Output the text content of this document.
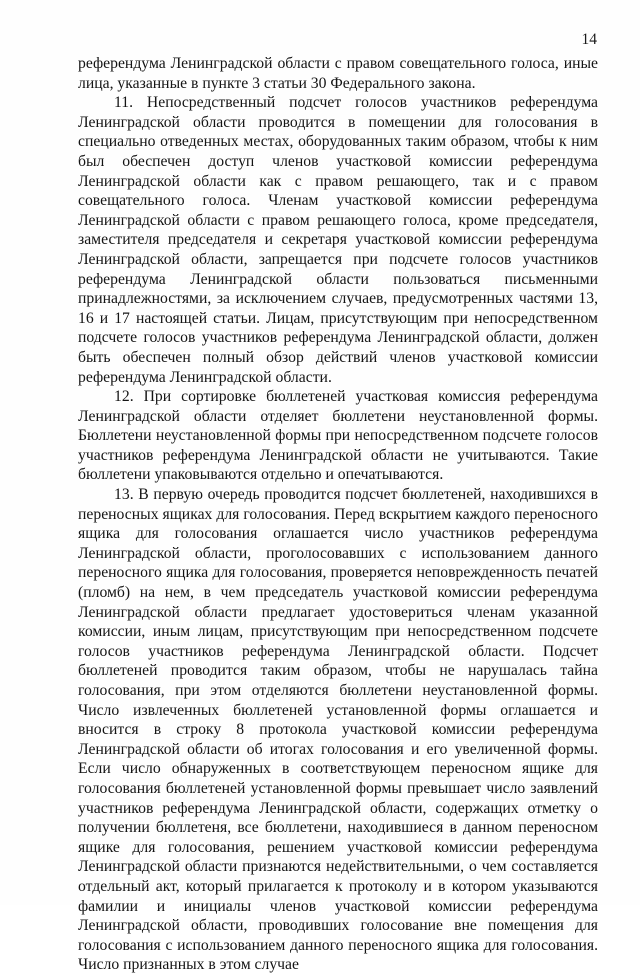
14

референдума Ленинградской области с правом совещательного голоса, иные лица, указанные в пункте 3 статьи 30 Федерального закона.

11. Непосредственный подсчет голосов участников референдума Ленинградской области проводится в помещении для голосования в специально отведенных местах, оборудованных таким образом, чтобы к ним был обеспечен доступ членов участковой комиссии референдума Ленинградской области как с правом решающего, так и с правом совещательного голоса. Членам участковой комиссии референдума Ленинградской области с правом решающего голоса, кроме председателя, заместителя председателя и секретаря участковой комиссии референдума Ленинградской области, запрещается при подсчете голосов участников референдума Ленинградской области пользоваться письменными принадлежностями, за исключением случаев, предусмотренных частями 13, 16 и 17 настоящей статьи. Лицам, присутствующим при непосредственном подсчете голосов участников референдума Ленинградской области, должен быть обеспечен полный обзор действий членов участковой комиссии референдума Ленинградской области.

12. При сортировке бюллетеней участковая комиссия референдума Ленинградской области отделяет бюллетени неустановленной формы. Бюллетени неустановленной формы при непосредственном подсчете голосов участников референдума Ленинградской области не учитываются. Такие бюллетени упаковываются отдельно и опечатываются.

13. В первую очередь проводится подсчет бюллетеней, находившихся в переносных ящиках для голосования. Перед вскрытием каждого переносного ящика для голосования оглашается число участников референдума Ленинградской области, проголосовавших с использованием данного переносного ящика для голосования, проверяется неповрежденность печатей (пломб) на нем, в чем председатель участковой комиссии референдума Ленинградской области предлагает удостовериться членам указанной комиссии, иным лицам, присутствующим при непосредственном подсчете голосов участников референдума Ленинградской области. Подсчет бюллетеней проводится таким образом, чтобы не нарушалась тайна голосования, при этом отделяются бюллетени неустановленной формы. Число извлеченных бюллетеней установленной формы оглашается и вносится в строку 8 протокола участковой комиссии референдума Ленинградской области об итогах голосования и его увеличенной формы. Если число обнаруженных в соответствующем переносном ящике для голосования бюллетеней установленной формы превышает число заявлений участников референдума Ленинградской области, содержащих отметку о получении бюллетеня, все бюллетени, находившиеся в данном переносном ящике для голосования, решением участковой комиссии референдума Ленинградской области признаются недействительными, о чем составляется отдельный акт, который прилагается к протоколу и в котором указываются фамилии и инициалы членов участковой комиссии референдума Ленинградской области, проводивших голосование вне помещения для голосования с использованием данного переносного ящика для голосования. Число признанных в этом случае
